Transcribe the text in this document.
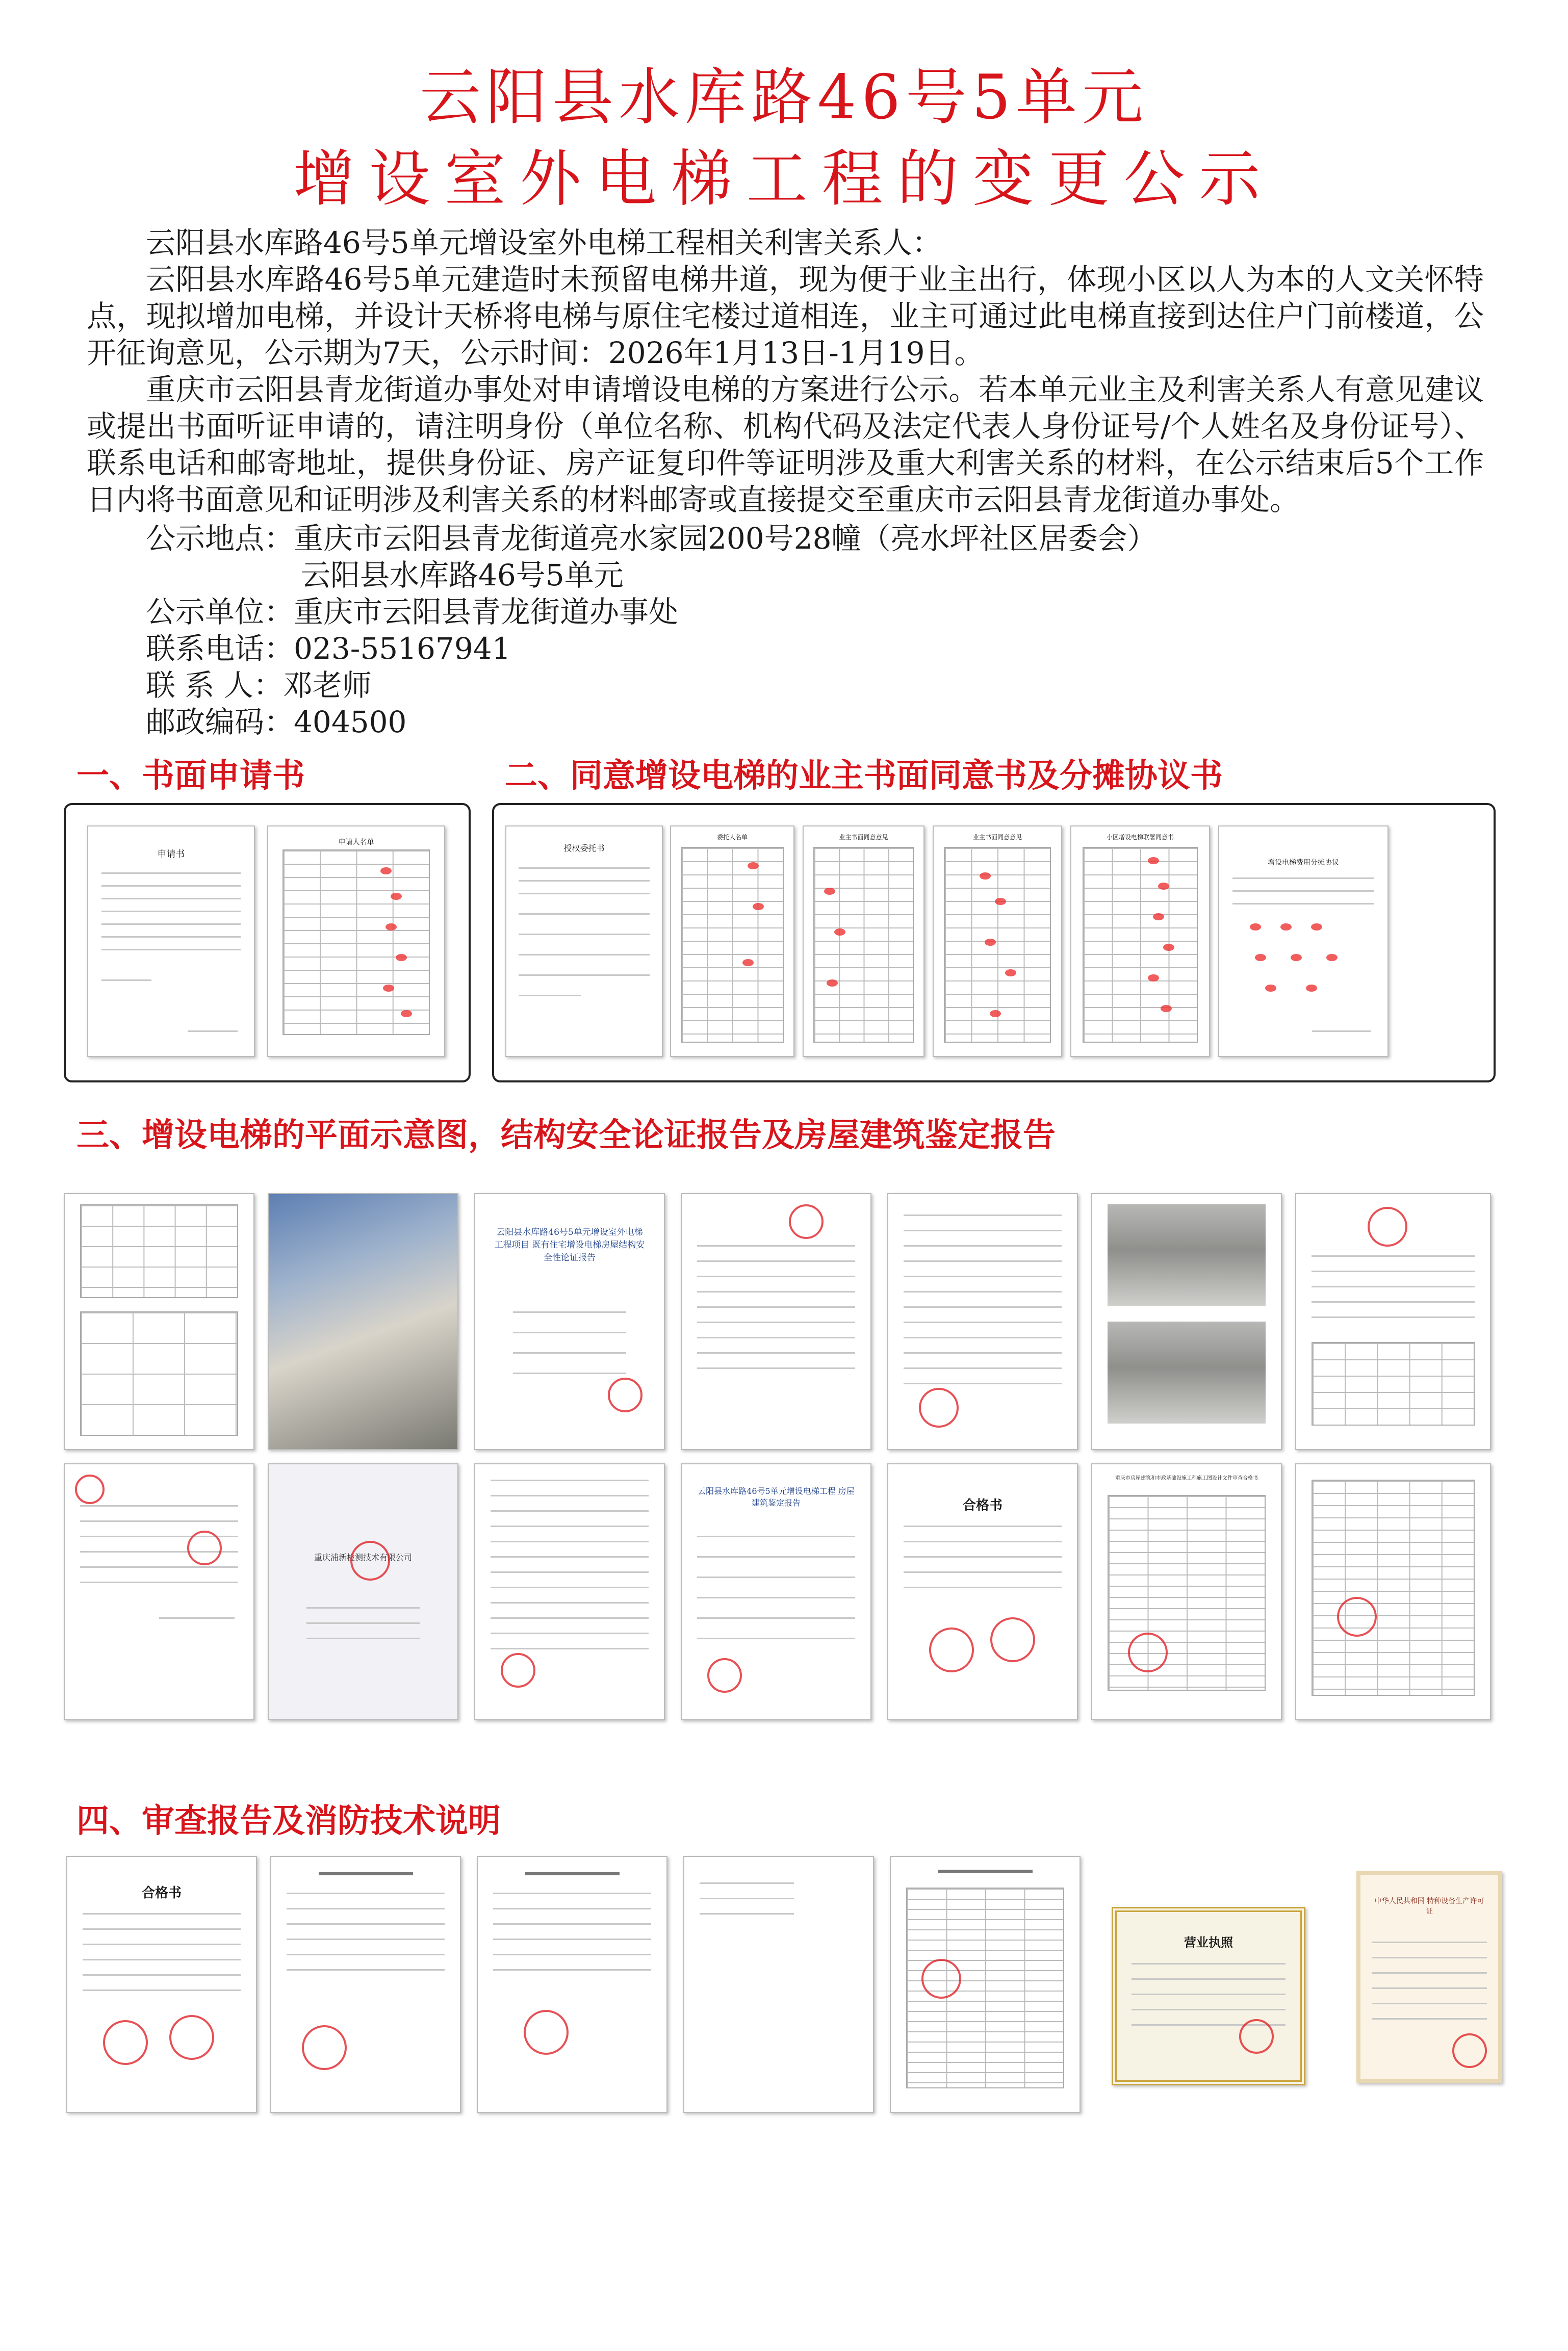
云阳县水库路46号5单元
增设室外电梯工程的变更公示

云阳县水库路46号5单元增设室外电梯工程相关利害关系人：

云阳县水库路46号5单元建造时未预留电梯井道，现为便于业主出行，体现小区以人为本的人文关怀特点，现拟增加电梯，并设计天桥将电梯与原住宅楼过道相连，业主可通过此电梯直接到达住户门前楼道，公开征询意见，公示期为7天，公示时间：2026年1月13日-1月19日。

重庆市云阳县青龙街道办事处对申请增设电梯的方案进行公示。若本单元业主及利害关系人有意见建议或提出书面听证申请的，请注明身份（单位名称、机构代码及法定代表人身份证号/个人姓名及身份证号）、联系电话和邮寄地址，提供身份证、房产证复印件等证明涉及重大利害关系的材料，在公示结束后5个工作日内将书面意见和证明涉及利害关系的材料邮寄或直接提交至重庆市云阳县青龙街道办事处。

公示地点：重庆市云阳县青龙街道亮水家园200号28幢（亮水坪社区居委会）
云阳县水库路46号5单元
公示单位：重庆市云阳县青龙街道办事处
联系电话：023-55167941
联 系 人：邓老师
邮政编码：404500
一、书面申请书	二、同意增设电梯的业主书面同意书及分摊协议书
三、增设电梯的平面示意图，结构安全论证报告及房屋建筑鉴定报告
四、审查报告及消防技术说明
申请书
申请人名单
授权委托书
委托人名单	业主书面同意意见	业主书面同意意见	小区增设电梯联署同意书
增设电梯费用分摊协议
云阳县水库路46号5单元增设室外电梯工程项目 既有住宅增设电梯房屋结构安全性论证报告
重庆浦新检测技术有限公司
云阳县水库路46号5单元增设电梯工程 房屋建筑鉴定报告	合格书
重庆市房屋建筑和市政基础设施工程施工图设计文件审查合格书
合格书
营业执照
中华人民共和国 特种设备生产许可证
